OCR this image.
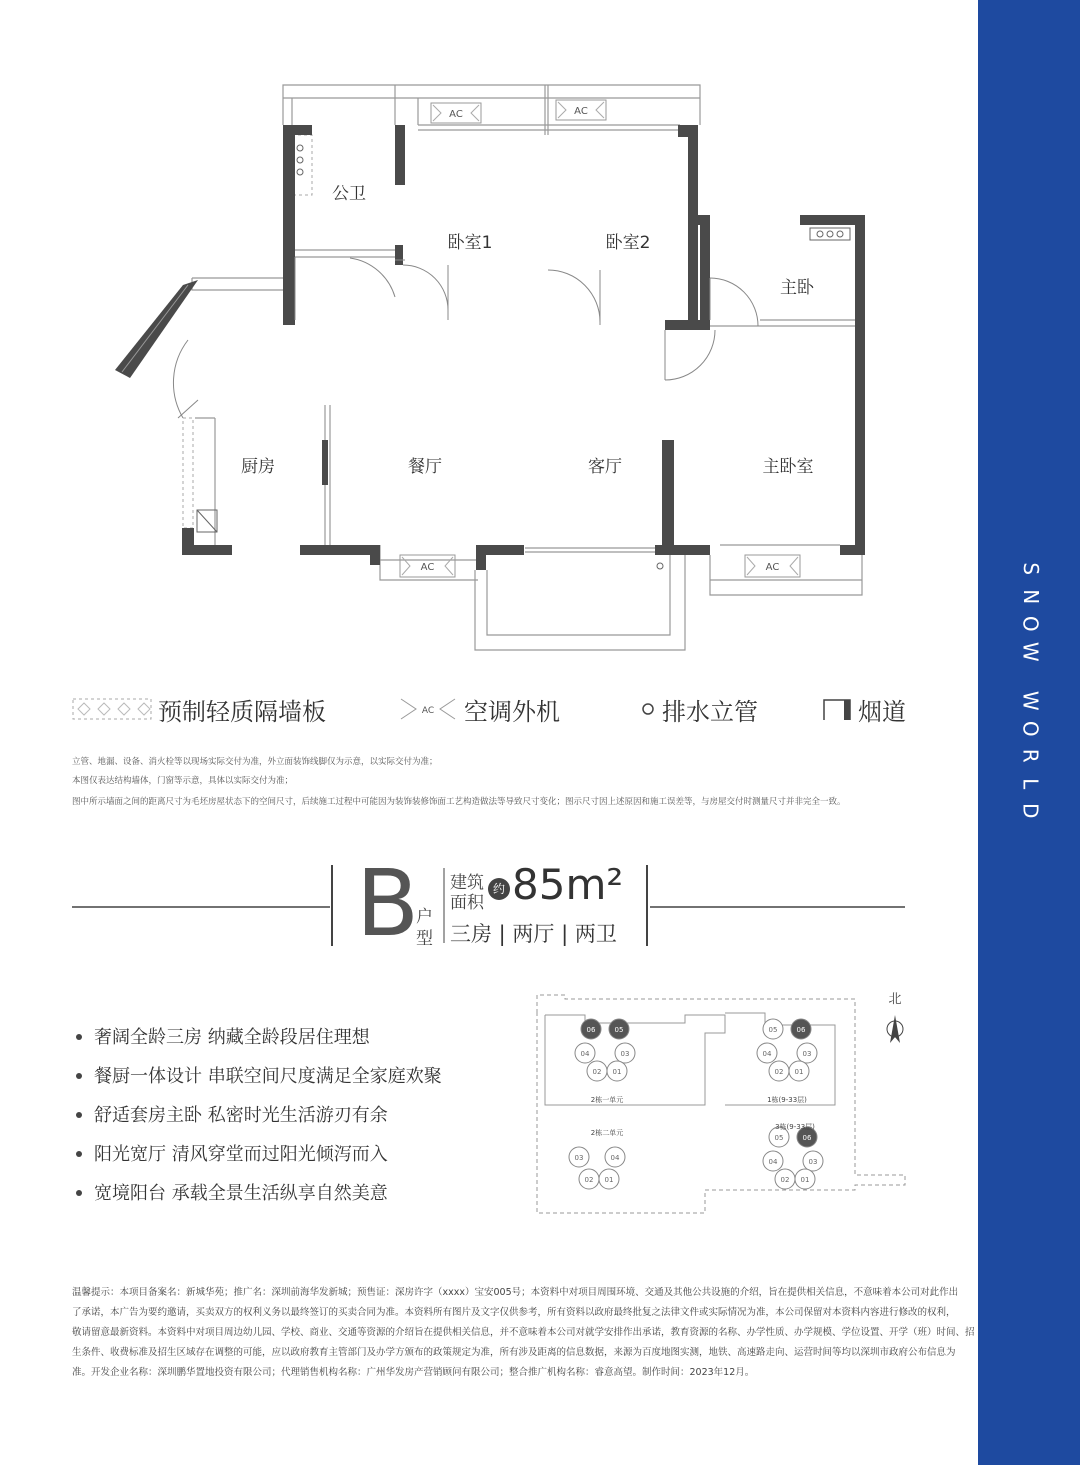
S
N
O
W

W
O
R
L
D
AC	AC
AC	AC
公卫
卧室1	卧室2
主卧
厨房	餐厅	客厅	主卧室
预制轻质隔墙板	AC 空调外机	排水立管	烟道
立管、地漏、设备、消火栓等以现场实际交付为准，外立面装饰线脚仅为示意，以实际交付为准；
本图仅表达结构墙体，门窗等示意，具体以实际交付为准；
图中所示墙面之间的距离尺寸为毛坯房屋状态下的空间尺寸，后续施工过程中可能因为装饰装修饰面工艺构造做法等导致尺寸变化；图示尺寸因上述原因和施工误差等，与房屋交付时测量尺寸并非完全一致。
B
户
型
建筑
面积
约 85m²
三房 | 两厅 | 两卫
奢阔全龄三房 纳藏全龄段居住理想
餐厨一体设计 串联空间尺度满足全家庭欢聚
舒适套房主卧 私密时光生活游刃有余
阳光宽厅 清风穿堂而过阳光倾泻而入
宽境阳台 承载全景生活纵享自然美意
北
06	05
04	03
02 01
05	06
04	03
02 01
03	04
02 01
05	06
04	03
02 01
2栋一单元	1栋(9-33层)
2栋二单元
3栋(9-33层)
温馨提示：本项目备案名：新城华苑；推广名：深圳前海华发新城；预售证：深房许字（xxxx）宝安005号；本资料中对项目周围环境、交通及其他公共设施的介绍，旨在提供相关信息，不意味着本公司对此作出
了承诺，本广告为要约邀请，买卖双方的权利义务以最终签订的买卖合同为准。本资料所有图片及文字仅供参考，所有资料以政府最终批复之法律文件或实际情况为准，本公司保留对本资料内容进行修改的权利，
敬请留意最新资料。本资料中对项目周边幼儿园、学校、商业、交通等资源的介绍旨在提供相关信息，并不意味着本公司对就学安排作出承诺，教育资源的名称、办学性质、办学规模、学位设置、开学（班）时间、招
生条件、收费标准及招生区域存在调整的可能，应以政府教育主管部门及办学方颁布的政策规定为准，所有涉及距离的信息数据，来源为百度地图实测，地铁、高速路走向、运营时间等均以深圳市政府公布信息为
准。开发企业名称：深圳鹏华置地投资有限公司；代理销售机构名称：广州华发房产营销顾问有限公司；整合推广机构名称：睿意高望。制作时间：2023年12月。
